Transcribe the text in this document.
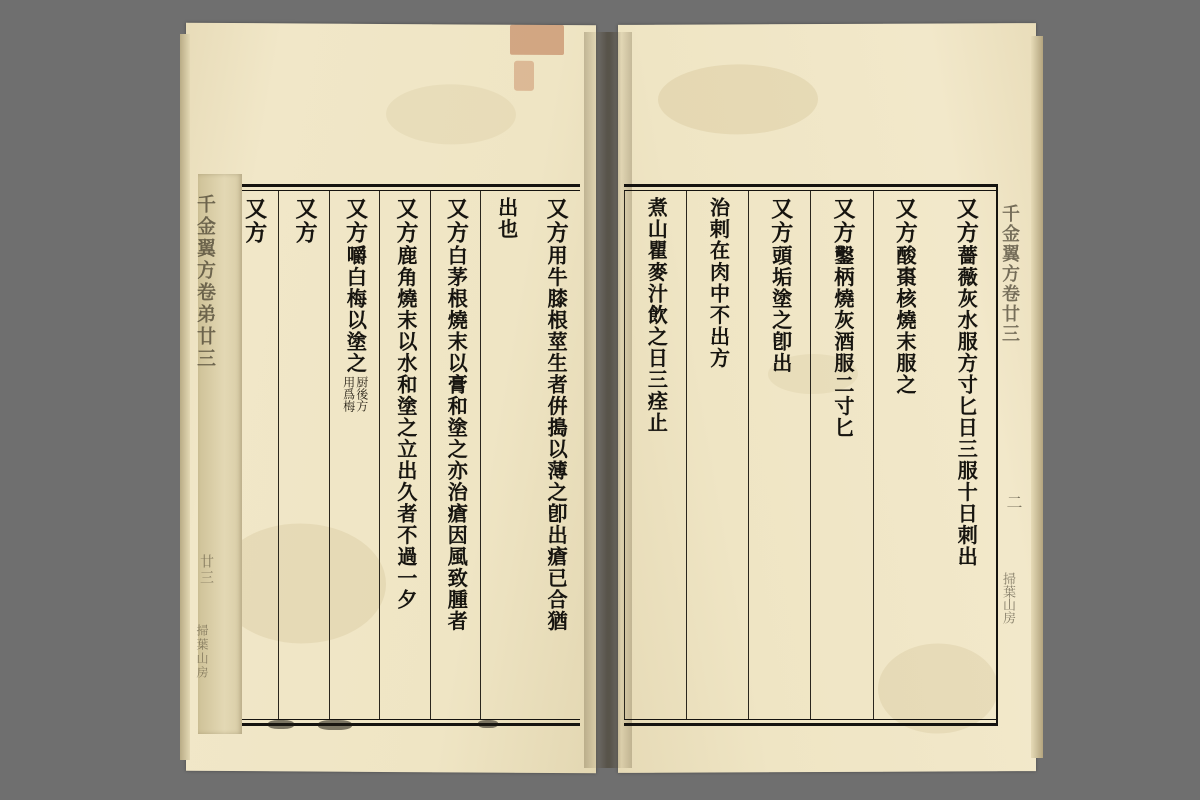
又方
用牛膝根莖生者倂搗以薄之卽出瘡已合猶
出也
又方
白茅根燒末以膏和塗之亦治瘡因風致腫者
又方
鹿角燒末以水和塗之立出久者不過一夕
又方
嚼白梅以塗之
厨後方
用爲梅
又方
又方	又方
薔薇灰水服方寸匕日三服十日刺出
又方
酸棗核燒末服之
又方
鑿柄燒灰酒服二寸匕
又方
頭垢塗之卽出
治剌在肉中不出方
煮山瞿麥汁飲之日三痊止
千金翼方卷弟廿三
廿三
掃葉山房
千金翼方卷廿三
二
掃葉山房
